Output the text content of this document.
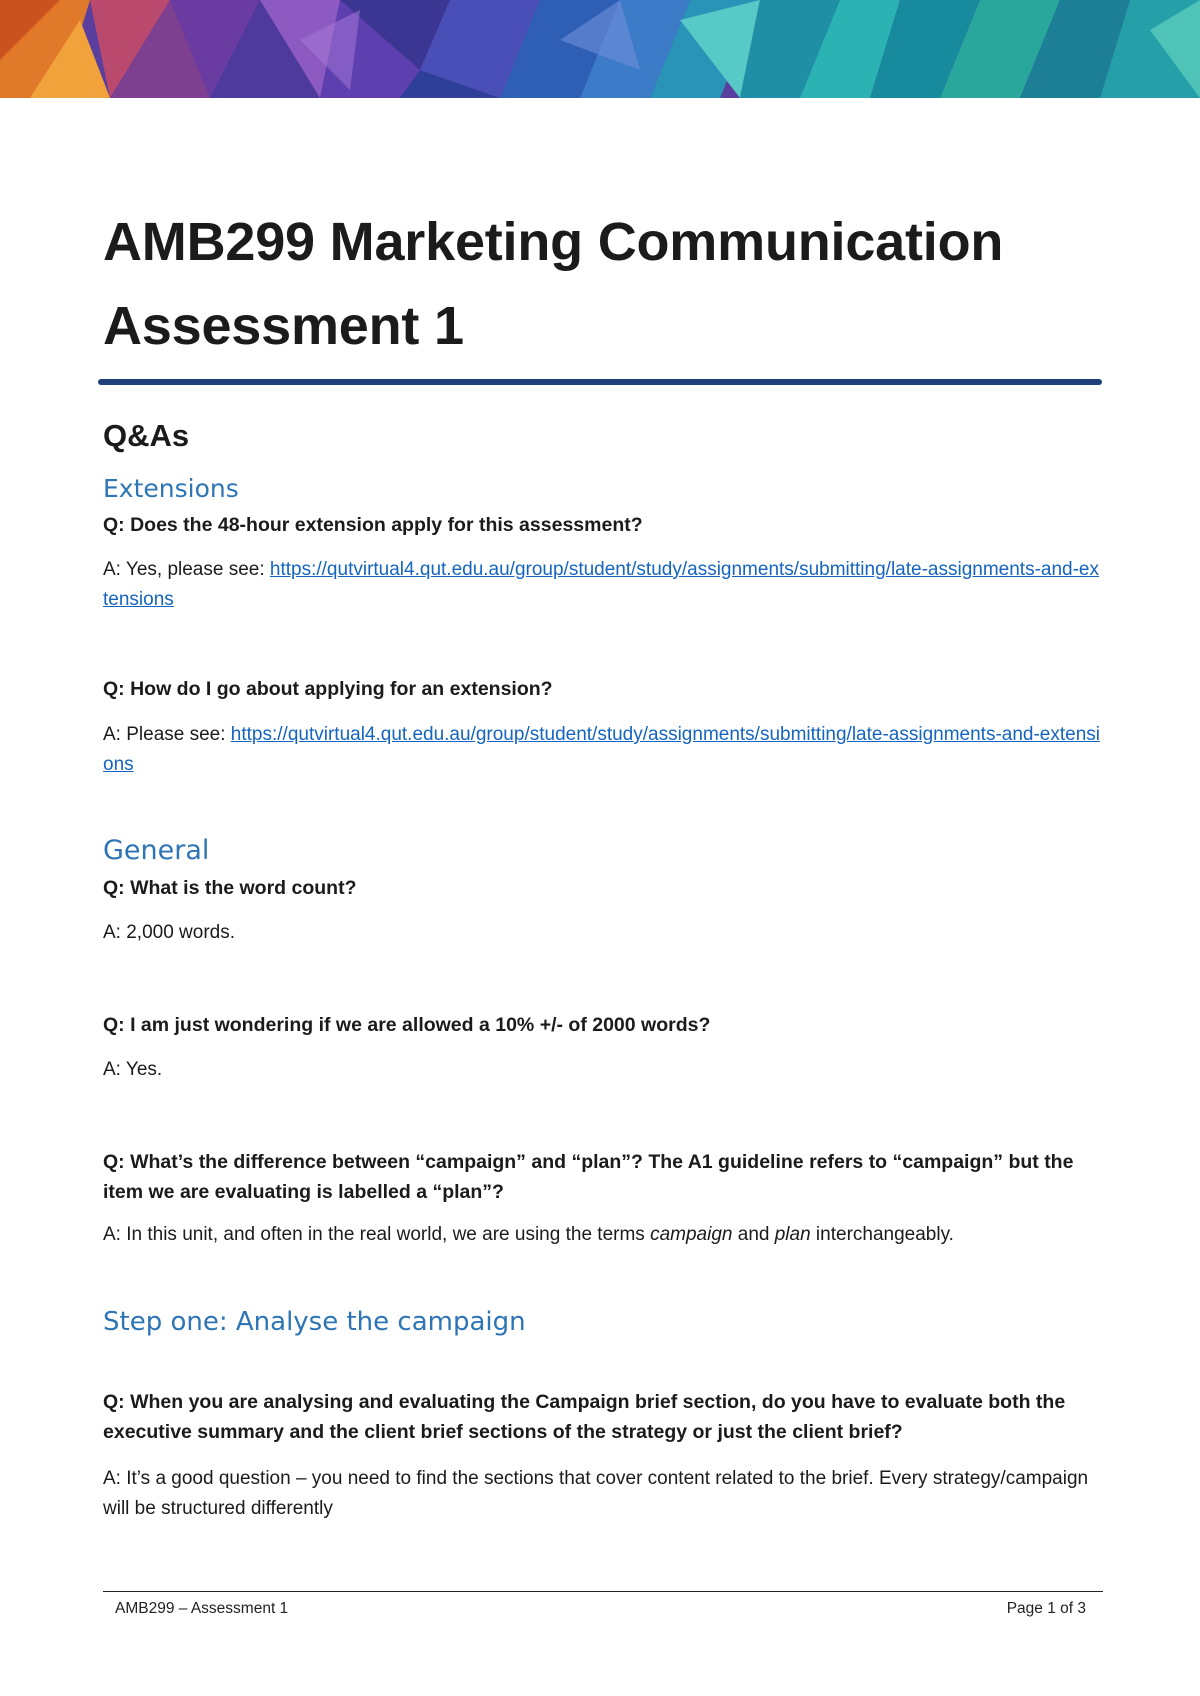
AMB299 Marketing Communication
Assessment 1
Q&As
Extensions

Q: Does the 48-hour extension apply for this assessment?

A: Yes, please see: https://qutvirtual4.qut.edu.au/group/student/study/assignments/submitting/late-assignments-and-extensions

Q: How do I go about applying for an extension?

A: Please see: https://qutvirtual4.qut.edu.au/group/student/study/assignments/submitting/late-assignments-and-extensions

General

Q: What is the word count?

A: 2,000 words.

Q: I am just wondering if we are allowed a 10% +/- of 2000 words?

A: Yes.

Q: What’s the difference between “campaign” and “plan”? The A1 guideline refers to “campaign” but the item we are evaluating is labelled a “plan”?

A: In this unit, and often in the real world, we are using the terms campaign and plan interchangeably.

Step one: Analyse the campaign

Q: When you are analysing and evaluating the Campaign brief section, do you have to evaluate both the executive summary and the client brief sections of the strategy or just the client brief?

A: It’s a good question – you need to find the sections that cover content related to the brief. Every strategy/campaign will be structured differently

AMB299 – Assessment 1	Page 1 of 3
